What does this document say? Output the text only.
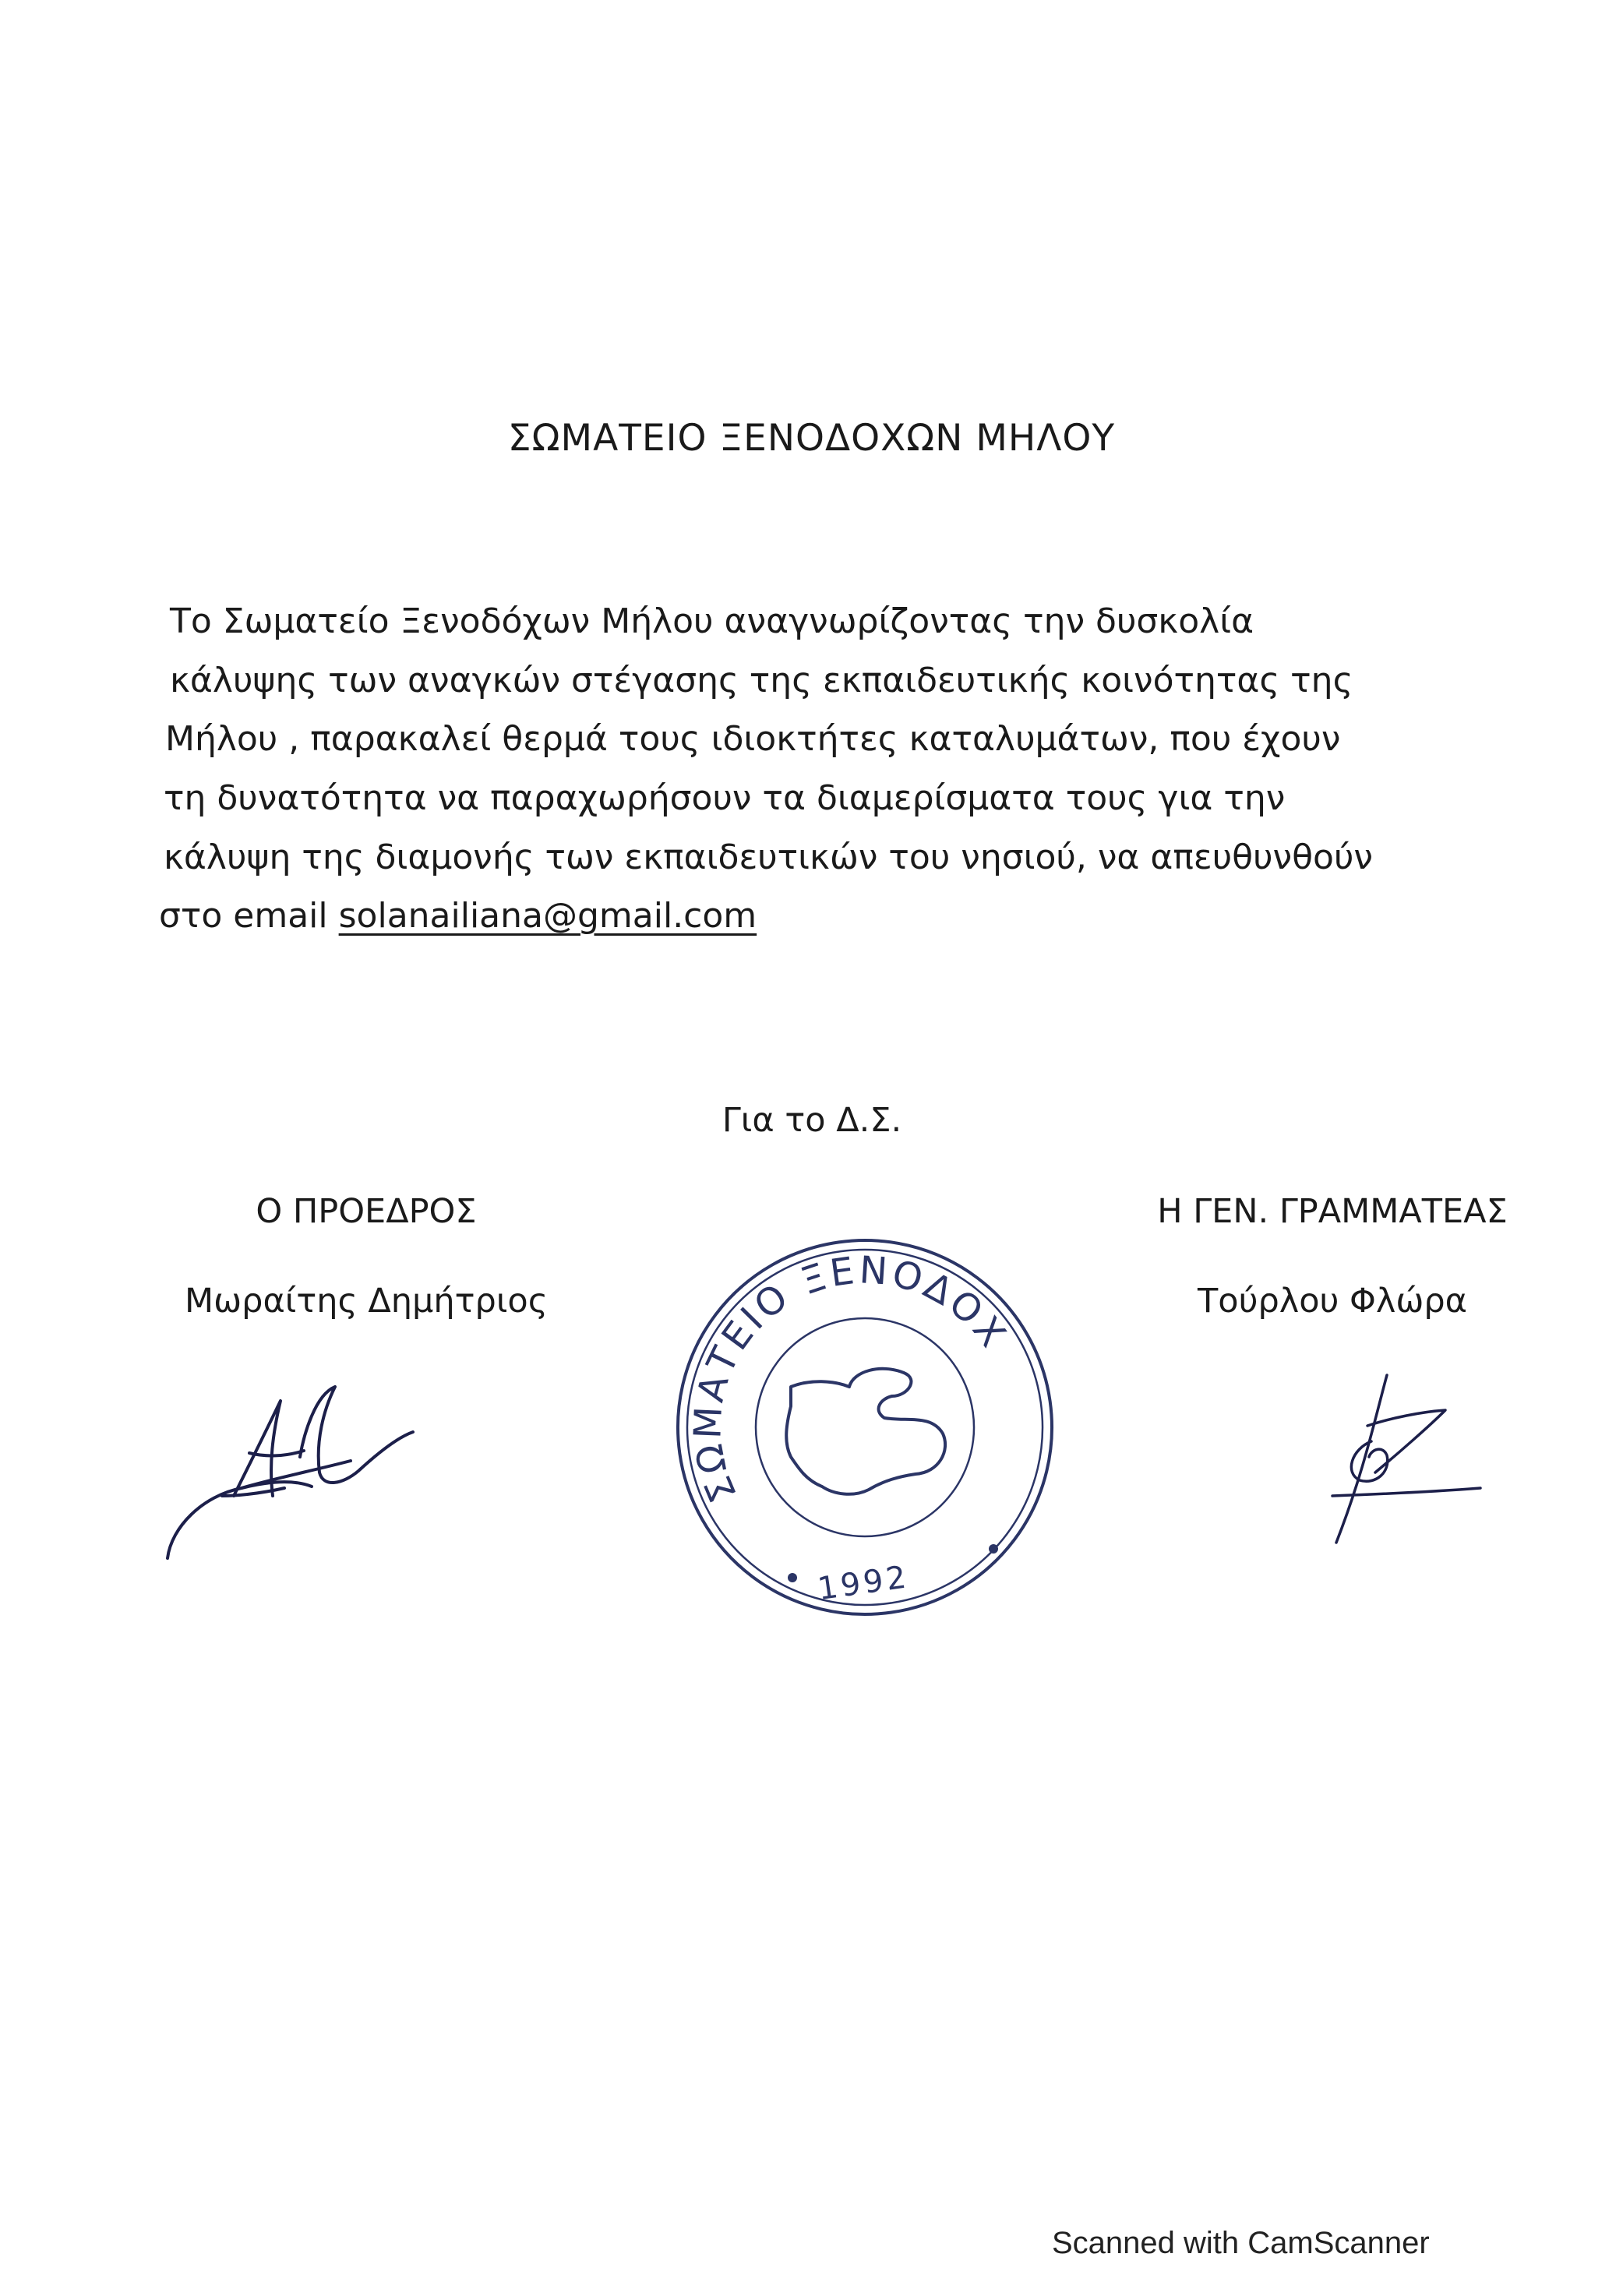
ΣΩΜΑΤΕΙΟ ΞΕΝΟΔΟΧΩΝ ΜΗΛΟΥ
Το Σωματείο Ξενοδόχων Μήλου αναγνωρίζοντας την δυσκολία
κάλυψης των αναγκών στέγασης της εκπαιδευτικής κοινότητας της
Μήλου , παρακαλεί θερμά τους ιδιοκτήτες καταλυμάτων, που έχουν
τη δυνατότητα να παραχωρήσουν τα διαμερίσματα τους για την
κάλυψη της διαμονής των εκπαιδευτικών του νησιού, να απευθυνθούν
στο email solanailiana@gmail.com
Για το Δ.Σ.
Ο ΠΡΟΕΔΡΟΣ
Μωραίτης Δημήτριος
Η ΓΕΝ. ΓΡΑΜΜΑΤΕΑΣ
Τούρλου Φλώρα
ΣΩΜΑΤΕΙΟ ΞΕΝΟΔΟΧΩΝ ΜΗΛΟΥ
1992
Scanned with CamScanner
